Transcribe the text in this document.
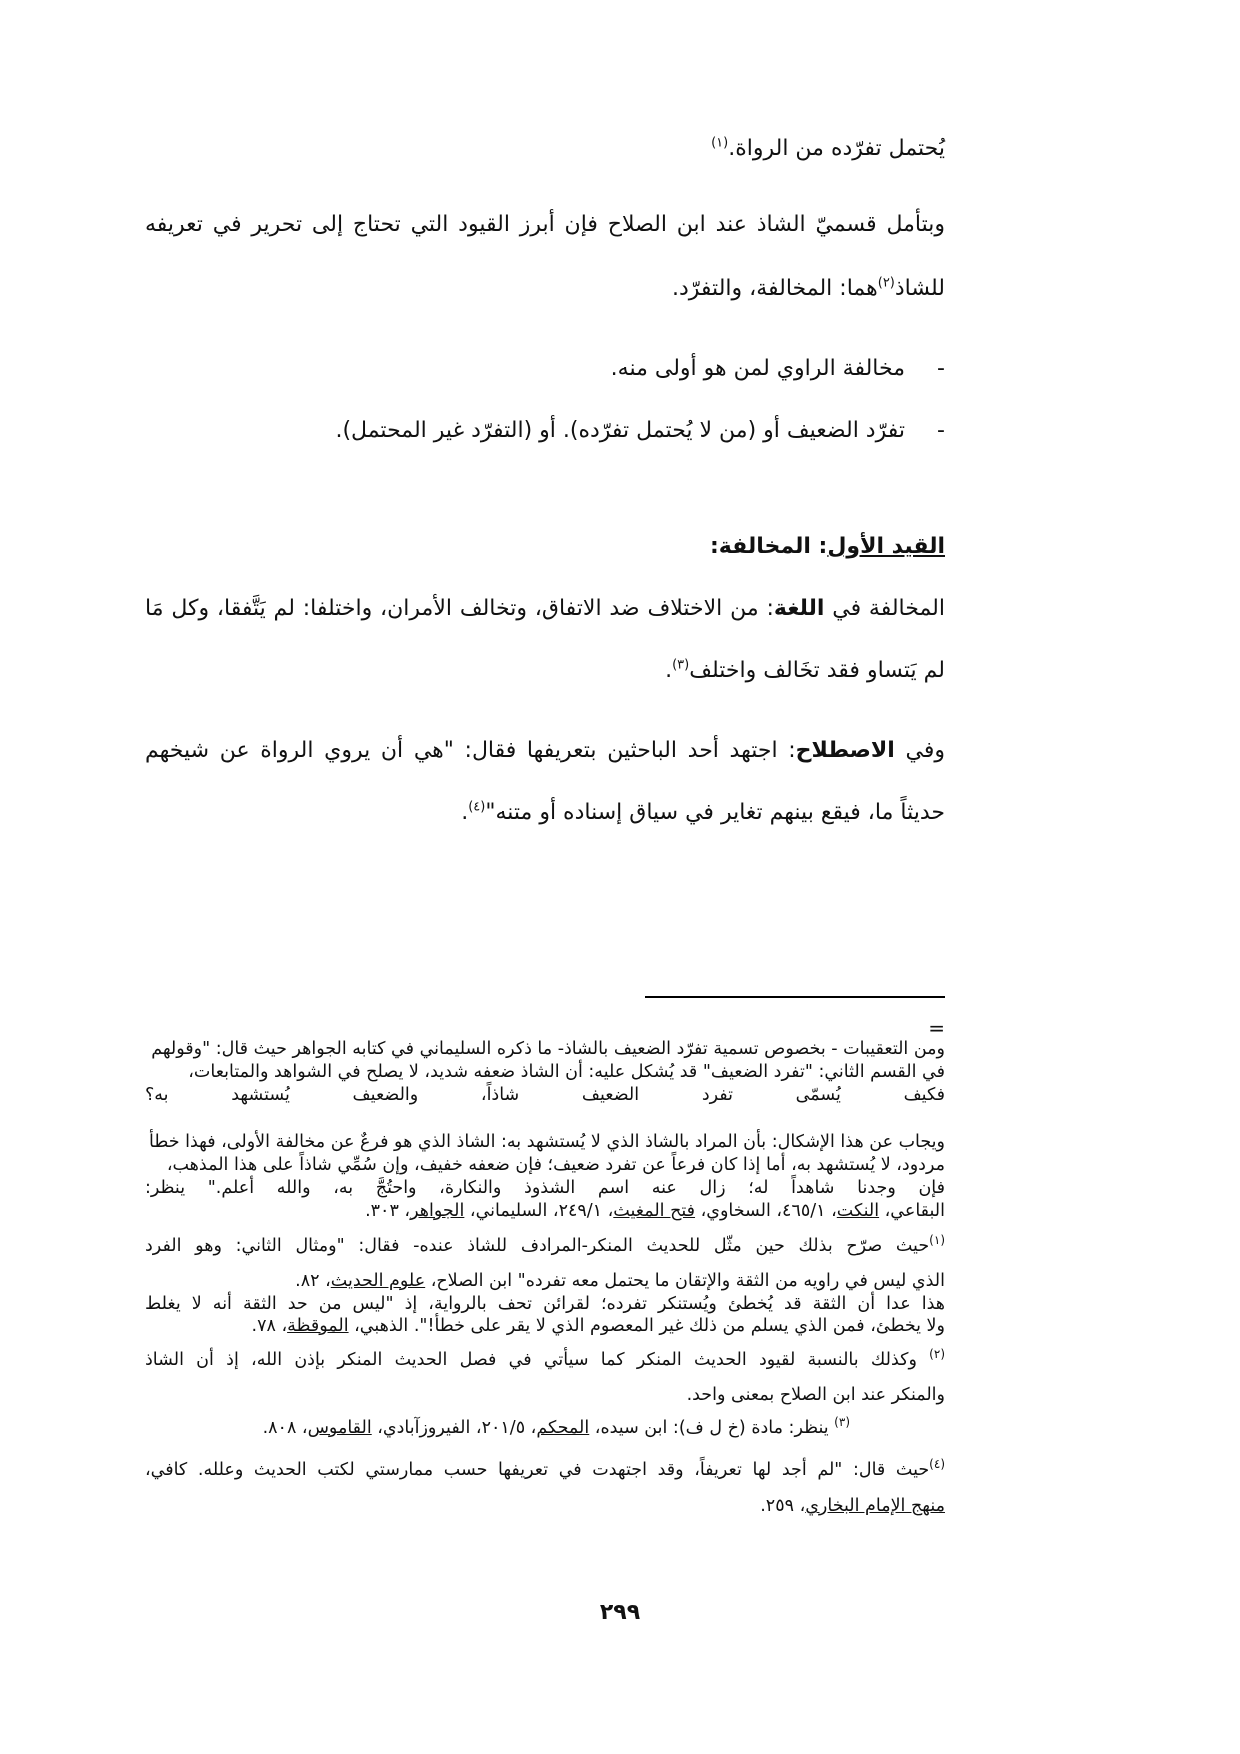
يُحتمل تفرّده من الرواة.$^{(١)}$
وبتأمل قسميّ الشاذ عند ابن الصلاح فإن أبرز القيود التي تحتاج إلى تحرير في تعريفه
للشاذ$^{(٢)}$هما: المخالفة، والتفرّد.
-
مخالفة الراوي لمن هو أولى منه.
-
تفرّد الضعيف أو (من لا يُحتمل تفرّده). أو (التفرّد غير المحتمل).
القيد الأول: المخالفة:
المخالفة في اللغة: من الاختلاف ضد الاتفاق، وتخالف الأمران، واختلفا: لم يَتَّفقا، وكل مَا
لم يَتساو فقد تخَالف واختلف$^{(٣)}$.
وفي الاصطلاح: اجتهد أحد الباحثين بتعريفها فقال: "هي أن يروي الرواة عن شيخهم
حديثاً ما، فيقع بينهم تغاير في سياق إسناده أو متنه"$^{(٤)}$.
=
ومن التعقيبات - بخصوص تسمية تفرّد الضعيف بالشاذ- ما ذكره السليماني في كتابه الجواهر حيث قال: "وقولهم في القسم الثاني: "تفرد الضعيف" قد يُشكل عليه: أن الشاذ ضعفه شديد، لا يصلح في الشواهد والمتابعات، فكيف يُسمّى تفرد الضعيف شاذاً، والضعيف يُستشهد به؟
ويجاب عن هذا الإشكال: بأن المراد بالشاذ الذي لا يُستشهد به: الشاذ الذي هو فرعٌ عن مخالفة الأولى، فهذا خطأ مردود، لا يُستشهد به، أما إذا كان فرعاً عن تفرد ضعيف؛ فإن ضعفه خفيف، وإن سُمِّي شاذاً على هذا المذهب، فإن وجدنا شاهداً له؛ زال عنه اسم الشذوذ والنكارة، واحتُجَّ به، والله أعلم." ينظر:
البقاعي، النكت، ٤٦٥/١، السخاوي، فتح المغيث، ٢٤٩/١، السليماني، الجواهر، ٣٠٣.
$^{(١)}$حيث صرّح بذلك حين مثّل للحديث المنكر-المرادف للشاذ عنده- فقال: "ومثال الثاني: وهو الفرد
الذي ليس في راويه من الثقة والإتقان ما يحتمل معه تفرده" ابن الصلاح، علوم الحديث، ٨٢.
هذا عدا أن الثقة قد يُخطئ ويُستنكر تفرده؛ لقرائن تحف بالرواية، إذ "ليس من حد الثقة أنه لا يغلط
ولا يخطئ، فمن الذي يسلم من ذلك غير المعصوم الذي لا يقر على خطأ!". الذهبي، الموقظة، ٧٨.
$^{(٢)}$ وكذلك بالنسبة لقيود الحديث المنكر كما سيأتي في فصل الحديث المنكر بإذن الله، إذ أن الشاذ
والمنكر عند ابن الصلاح بمعنى واحد.
$^{(٣)}$ ينظر: مادة (خ ل ف): ابن سيده، المحكم، ٢٠١/٥، الفيروزآبادي، القاموس، ٨٠٨.
$^{(٤)}$حيث قال: "لم أجد لها تعريفاً، وقد اجتهدت في تعريفها حسب ممارستي لكتب الحديث وعلله. كافي،
منهج الإمام البخاري، ٢٥٩.
٢٩٩
